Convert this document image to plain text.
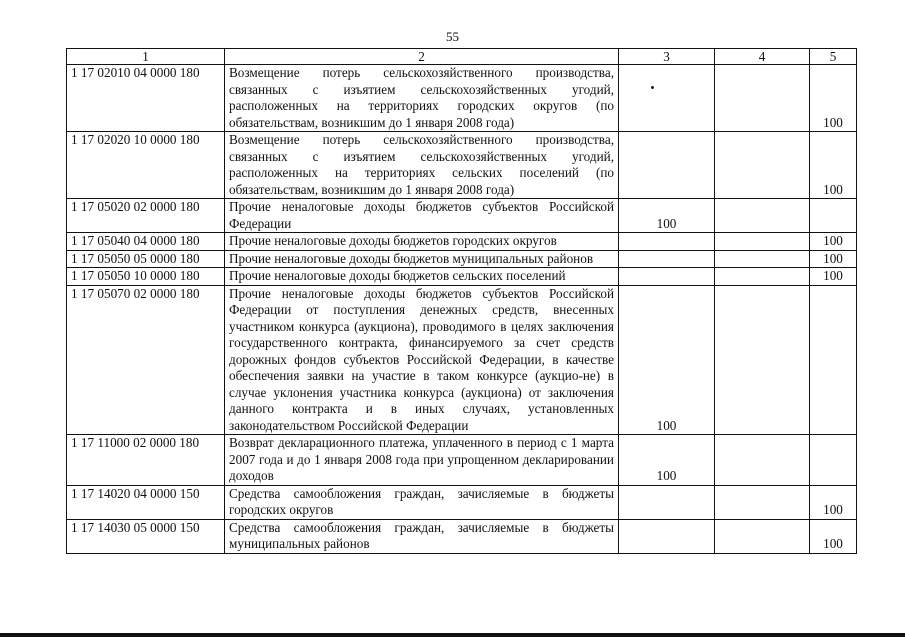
55
1	2	3	4	5
1 17 02010 04 0000 180	Возмещение потерь сельскохозяйственного производства, связанных с изъятием сельскохозяйственных угодий, расположенных на территориях городских округов (по обязательствам, возникшим до 1 января 2008 года)			100
1 17 02020 10 0000 180	Возмещение потерь сельскохозяйственного производства, связанных с изъятием сельскохозяйственных угодий, расположенных на территориях сельских поселений (по обязательствам, возникшим до 1 января 2008 года)			100
1 17 05020 02 0000 180	Прочие неналоговые доходы бюджетов субъектов Российской Федерации	100		
1 17 05040 04 0000 180	Прочие неналоговые доходы бюджетов городских округов			100
1 17 05050 05 0000 180	Прочие неналоговые доходы бюджетов муниципальных районов			100
1 17 05050 10 0000 180	Прочие неналоговые доходы бюджетов сельских поселений			100
1 17 05070 02 0000 180	Прочие неналоговые доходы бюджетов субъектов Российской Федерации от поступления денежных средств, внесенных участником конкурса (аукциона), проводимого в целях заключения государственного контракта, финансируемого за счет средств дорожных фондов субъектов Российской Федерации, в качестве обеспечения заявки на участие в таком конкурсе (аукцио-не) в случае уклонения участника конкурса (аукциона) от заключения данного контракта и в иных случаях, установленных законодательством Российской Федерации	100		
1 17 11000 02 0000 180	Возврат декларационного платежа, уплаченного в период с 1 марта 2007 года и до 1 января 2008 года при упрощенном декларировании доходов	100		
1 17 14020 04 0000 150	Средства самообложения граждан, зачисляемые в бюджеты городских округов			100
1 17 14030 05 0000 150	Средства самообложения граждан, зачисляемые в бюджеты муниципальных районов			100
